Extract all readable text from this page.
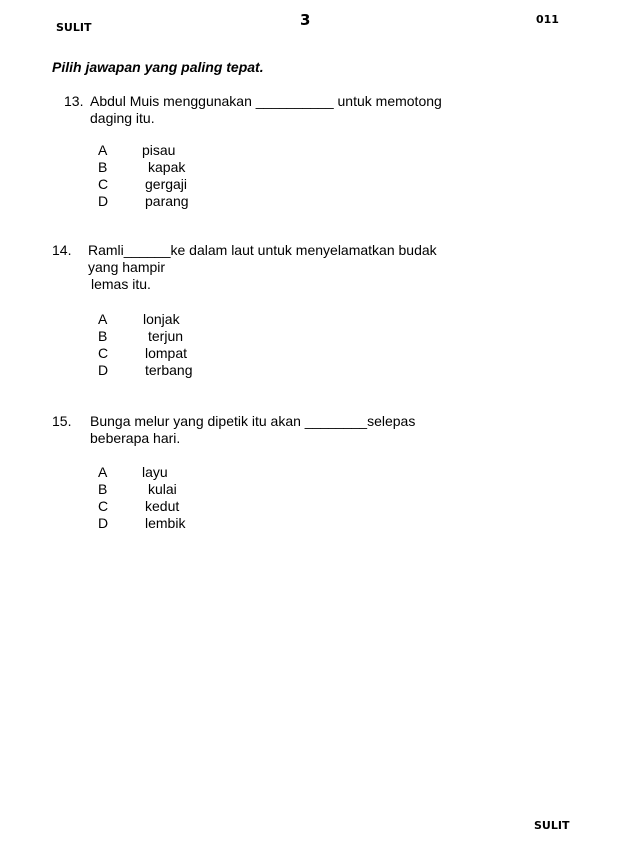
SULIT	3	011
Pilih jawapan yang paling tepat.
13. Abdul Muis menggunakan __________ untuk memotong
daging itu.
A pisau
B	kapak
C	gergaji
D	parang
14. Ramli______ke dalam laut untuk menyelamatkan budak
yang hampir
lemas itu.
A	lonjak
B	terjun
C	lompat
D	terbang
15. Bunga melur yang dipetik itu akan ________selepas
beberapa hari.
A layu
B	kulai
C	kedut
D	lembik
SULIT
